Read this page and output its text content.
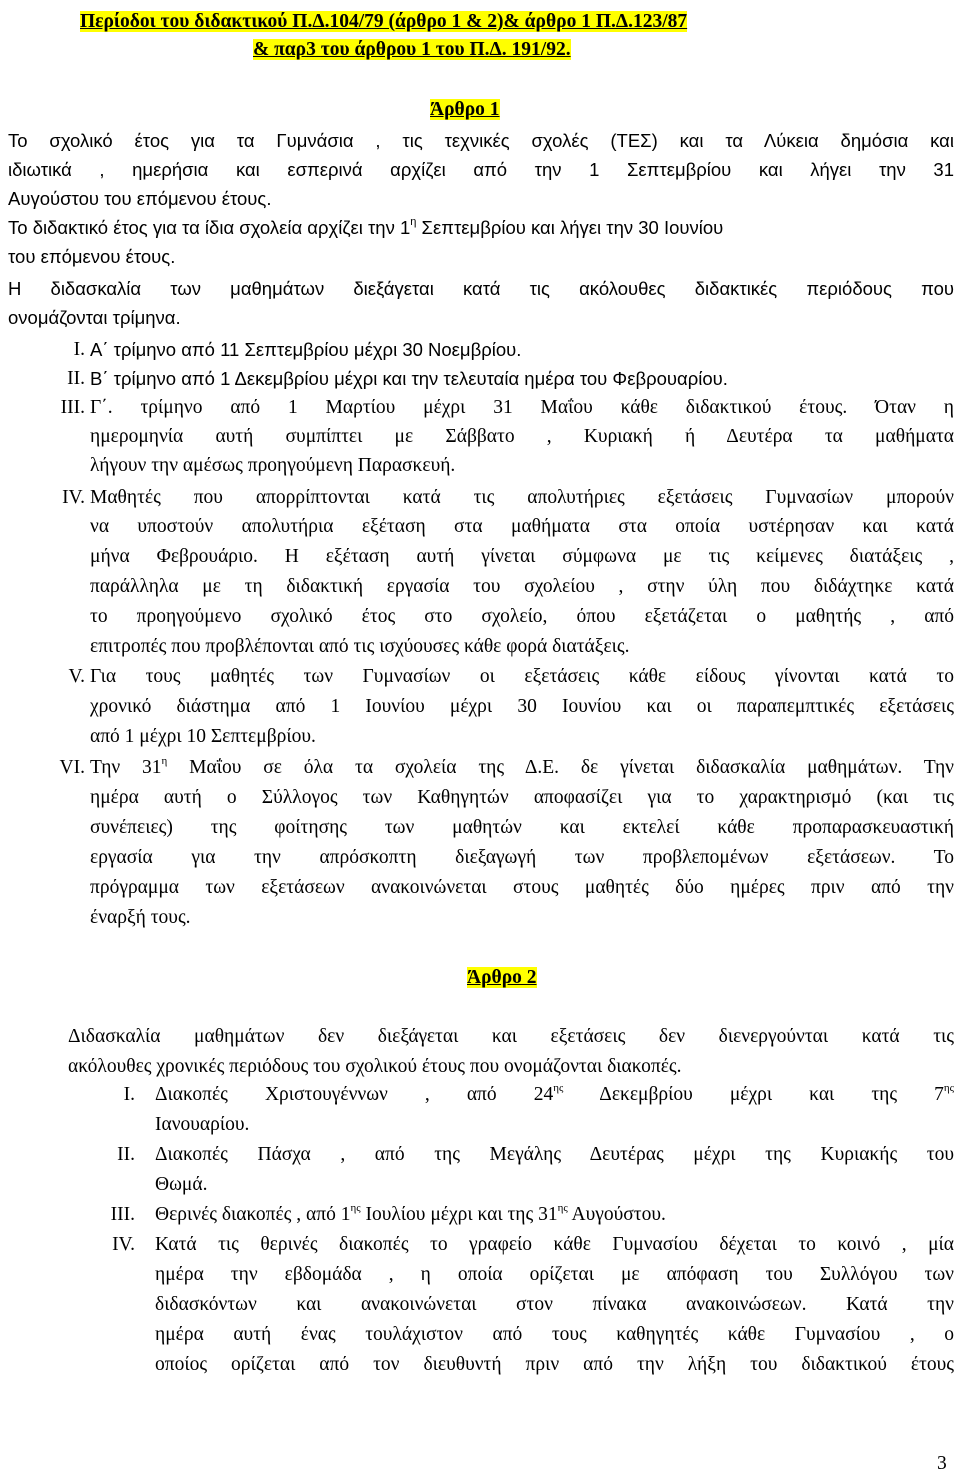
Περίοδοι του διδακτικού Π.Δ.104/79 (άρθρο 1 & 2)& άρθρο 1 Π.Δ.123/87
& παρ3 του άρθρου 1 του Π.Δ. 191/92.
Άρθρο 1
Το σχολικό έτος για τα Γυμνάσια , τις τεχνικές σχολές (ΤΕΣ) και τα Λύκεια δημόσια και
ιδιωτικά , ημερήσια και εσπερινά αρχίζει από την 1 Σεπτεμβρίου και λήγει την 31
Αυγούστου του επόμενου έτους.
Το διδακτικό έτος για τα ίδια σχολεία αρχίζει την $1^\eta$ Σεπτεμβρίου και λήγει την 30 Ιουνίου
του επόμενου έτους.
Η διδασκαλία των μαθημάτων διεξάγεται κατά τις ακόλουθες διδακτικές περιόδους που
ονομάζονται τρίμηνα.
I. Α΄ τρίμηνο από 11 Σεπτεμβρίου μέχρι 30 Νοεμβρίου.
II. Β΄ τρίμηνο από 1 Δεκεμβρίου μέχρι και την τελευταία ημέρα του Φεβρουαρίου.
III. Γ΄. τρίμηνο από 1 Μαρτίου μέχρι 31 Μαΐου κάθε διδακτικού έτους. Όταν η
ημερομηνία αυτή συμπίπτει με Σάββατο , Κυριακή ή Δευτέρα τα μαθήματα
λήγουν την αμέσως προηγούμενη Παρασκευή.
IV. Μαθητές που απορρίπτονται κατά τις απολυτήριες εξετάσεις Γυμνασίων μπορούν
να υποστούν απολυτήρια εξέταση στα μαθήματα στα οποία υστέρησαν και κατά
μήνα Φεβρουάριο. Η εξέταση αυτή γίνεται σύμφωνα με τις κείμενες διατάξεις ,
παράλληλα με τη διδακτική εργασία του σχολείου , στην ύλη που διδάχτηκε κατά
το προηγούμενο σχολικό έτος στο σχολείο, όπου εξετάζεται ο μαθητής , από
επιτροπές που προβλέπονται από τις ισχύουσες κάθε φορά διατάξεις.
V. Για τους μαθητές των Γυμνασίων οι εξετάσεις κάθε είδους γίνονται κατά το
χρονικό διάστημα από 1 Ιουνίου μέχρι 30 Ιουνίου και οι παραπεμπτικές εξετάσεις
από 1 μέχρι 10 Σεπτεμβρίου.
VI. Την $31^\eta$ Μαΐου σε όλα τα σχολεία της Δ.Ε. δε γίνεται διδασκαλία μαθημάτων. Την
ημέρα αυτή ο Σύλλογος των Καθηγητών αποφασίζει για το χαρακτηρισμό (και τις
συνέπειες) της φοίτησης των μαθητών και εκτελεί κάθε προπαρασκευαστική
εργασία για την απρόσκοπτη διεξαγωγή των προβλεπομένων εξετάσεων. Το
πρόγραμμα των εξετάσεων ανακοινώνεται στους μαθητές δύο ημέρες πριν από την
έναρξή τους.
Άρθρο 2
Διδασκαλία μαθημάτων δεν διεξάγεται και εξετάσεις δεν διενεργούνται κατά τις
ακόλουθες χρονικές περιόδους του σχολικού έτους που ονομάζονται διακοπές.
I. Διακοπές Χριστουγέννων , από $24^{\eta\varsigma}$ Δεκεμβρίου μέχρι και της $7^{\eta\varsigma}$
Ιανουαρίου.
II. Διακοπές Πάσχα , από της Μεγάλης Δευτέρας μέχρι της Κυριακής του
Θωμά.
III. Θερινές διακοπές , από $1^{\eta\varsigma}$ Ιουλίου μέχρι και της $31^{\eta\varsigma}$ Αυγούστου.
IV. Κατά τις θερινές διακοπές το γραφείο κάθε Γυμνασίου δέχεται το κοινό , μία
ημέρα την εβδομάδα , η οποία ορίζεται με απόφαση του Συλλόγου των
διδασκόντων και ανακοινώνεται στον πίνακα ανακοινώσεων. Κατά την
ημέρα αυτή ένας τουλάχιστον από τους καθηγητές κάθε Γυμνασίου , ο
οποίος ορίζεται από τον διευθυντή πριν από την λήξη του διδακτικού έτους
3
